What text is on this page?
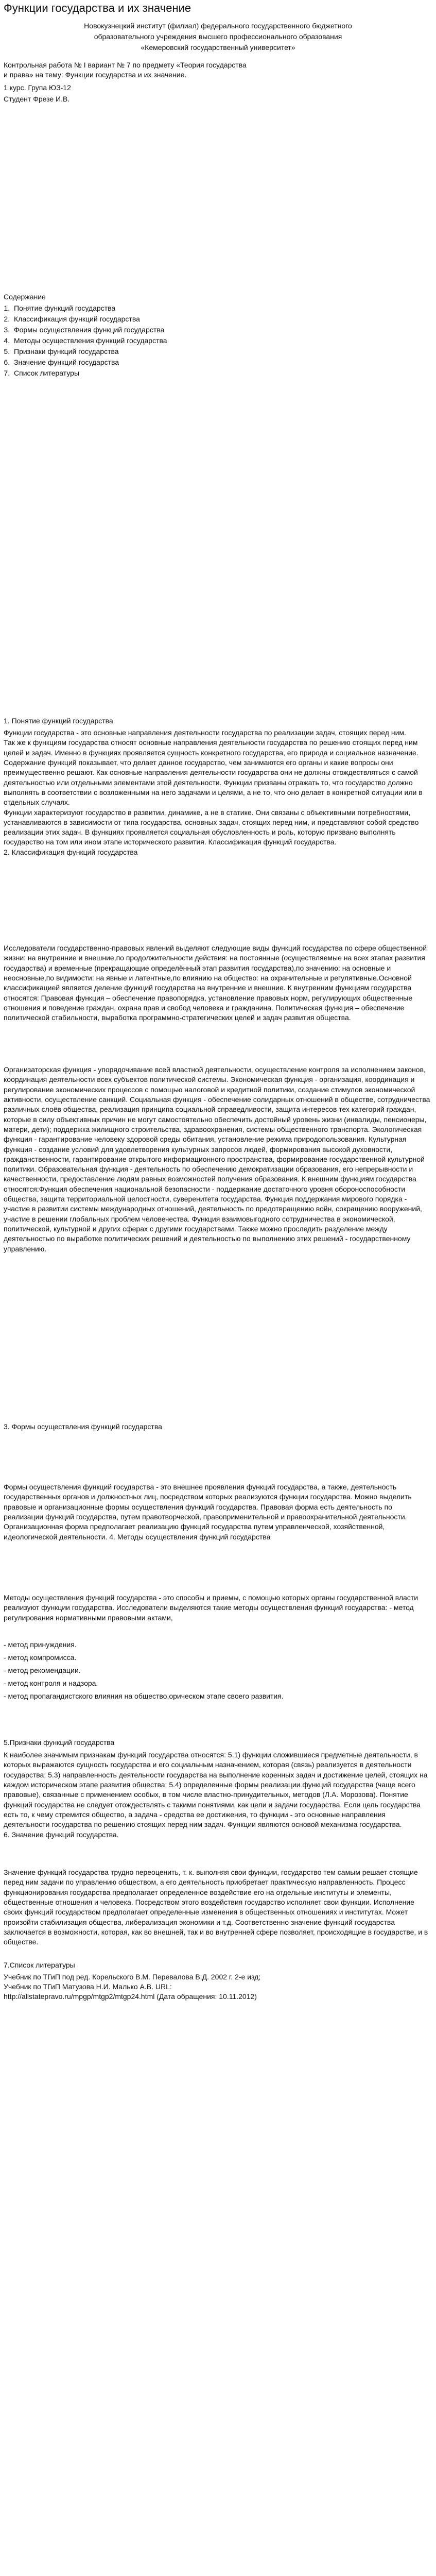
Функции государства и их значение

Новокузнецкий институт (филиал) федерального государственного бюджетного

образовательного учреждения высшего профессионального образования

«Кемеровский государственный университет»

Контрольная работа № I вариант № 7 по предмету «Теория государства

и права» на тему: Функции государства и их значение.

1 курс. Група ЮЗ-12

Студент Фрезе И.В.

Содержание

1. Понятие функций государства
2. Классификация функций государства
3. Формы осуществления функций государства
4. Методы осуществления функций государства
5. Признаки функций государства
6. Значение функций государства
7. Список литературы

1. Понятие функций государства

Функции государства - это основные направления деятельности государства по реализации задач, стоящих перед ним.

Так же к функциям государства относят основные направления деятельности государства по решению стоящих перед ним целей и задач. Именно в функциях проявляется сущность конкретного государства, его природа и социальное назначение. Содержание функций показывает, что делает данное государство, чем занимаются его органы и какие вопросы они преимущественно решают. Как основные направления деятельности государства они не должны отождествляться с самой деятельностью или отдельными элементами этой деятельности. Функции призваны отражать то, что государство должно выполнять в соответствии с возложенными на него задачами и целями, а не то, что оно делает в конкретной ситуации или в отдельных случаях.

Функции характеризуют государство в развитии, динамике, а не в статике. Они связаны с объективными потребностями, устанавливаются в зависимости от типа государства, основных задач, стоящих перед ним, и представляют собой средство реализации этих задач. В функциях проявляется социальная обусловленность и роль, которую призвано выполнять государство на том или ином этапе исторического развития. Классификация функций государства.

2. Классификация функций государства

Исследователи государственно-правовых явлений выделяют следующие виды функций государства по сфере общественной жизни: на внутренние и внешние,по продолжительности действия: на постоянные (осуществляемые на всех этапах развития государства) и временные (прекращающие определённый этап развития государства),по значению: на основные и неосновные,по видимости: на явные и латентные,по влиянию на общество: на охранительные и регулятивные.Основной классификацией является деление функций государства на внутренние и внешние. К внутренним функциям государства относятся: Правовая функция – обеспечение правопорядка, установление правовых норм, регулирующих общественные отношения и поведение граждан, охрана прав и свобод человека и гражданина. Политическая функция – обеспечение политической стабильности, выработка программно-стратегических целей и задач развития общества.

Организаторская функция - упорядочивание всей властной деятельности, осуществление контроля за исполнением законов, координация деятельности всех субъектов политической системы. Экономическая функция - организация, координация и регулирование экономических процессов с помощью налоговой и кредитной политики, создание стимулов экономической активности, осуществление санкций. Социальная функция - обеспечение солидарных отношений в обществе, сотрудничества различных слоёв общества, реализация принципа социальной справедливости, защита интересов тех категорий граждан, которые в силу объективных причин не могут самостоятельно обеспечить достойный уровень жизни (инвалиды, пенсионеры, матери, дети); поддержка жилищного строительства, здравоохранения, системы общественного транспорта. Экологическая функция - гарантирование человеку здоровой среды обитания, установление режима природопользования. Культурная функция - создание условий для удовлетворения культурных запросов людей, формирования высокой духовности, гражданственности, гарантирование открытого информационного пространства, формирование государственной культурной политики. Образовательная функция - деятельность по обеспечению демократизации образования, его непрерывности и качественности, предоставление людям равных возможностей получения образования. К внешним функциям государства относятся:Функция обеспечения национальной безопасности - поддержание достаточного уровня обороноспособности общества, защита территориальной целостности, суверенитета государства. Функция поддержания мирового порядка - участие в развитии системы международных отношений, деятельность по предотвращению войн, сокращению вооружений, участие в решении глобальных проблем человечества. Функция взаимовыгодного сотрудничества в экономической, политической, культурной и других сферах с другими государствами. Также можно проследить разделение между деятельностью по выработке политических решений и деятельностью по выполнению этих решений - государственному управлению.

3. Формы осуществления функций государства

Формы осуществления функций государства - это внешнее проявления функций государства, а также, деятельность государственных органов и должностных лиц, посредством которых реализуются функции государства. Можно выделить правовые и организационные формы осуществления функций государства. Правовая форма есть деятельность по реализации функций государства, путем правотворческой, правоприменительной и правоохранительной деятельности. Организационная форма предполагает реализацию функций государства путем управленческой, хозяйственной, идеологической деятельности. 4. Методы осуществления функций государства

Методы осуществления функций государства - это способы и приемы, с помощью которых органы государственной власти реализуют функции государства. Исследователи выделяются такие методы осуществления функций государства: - метод регулирования нормативными правовыми актами,

- метод принуждения.

- метод компромисса.

- метод рекомендации.

- метод контроля и надзора.

- метод пропагандистского влияния на общество,орическом этапе своего развития.

5.Признаки функций государства

К наиболее значимым признакам функций государства относятся: 5.1) функции сложившиеся предметные деятельности, в которых выражаются сущность государства и его социальным назначением, которая (связь) реализуется в деятельности государства; 5.3) направленность деятельности государства на выполнение коренных задач и достижение целей, стоящих на каждом историческом этапе развития общества; 5.4) определенные формы реализации функций государства (чаще всего правовые), связанные с применением особых, в том числе властно-принудительных, методов (Л.А. Морозова). Понятие функций государства не следует отождествлять с такими понятиями, как цели и задачи государства. Если цель государства есть то, к чему стремится общество, а задача - средства ее достижения, то функции - это основные направления деятельности государства по решению стоящих перед ним задач. Функции являются основой механизма государства.

6. Значение функций государства.

Значение функций государства трудно переоценить, т. к. выполняя свои функции, государство тем самым решает стоящие перед ним задачи по управлению обществом, а его деятельность приобретает практическую направленность. Процесс функционирования государства предполагает определенное воздействие его на отдельные институты и элементы, общественные отношения и человека. Посредством этого воздействия государство исполняет свои функции. Исполнение своих функций государством предполагает определенные изменения в общественных отношениях и институтах. Может произойти стабилизация общества, либерализация экономики и т.д. Соответственно значение функций государства заключается в возможности, которая, как во внешней, так и во внутренней сфере позволяет, происходящие в государстве, и в обществе.

7.Список литературы

Учебник по ТГиП под ред. Корельского В.М. Перевалова В.Д. 2002 г. 2-е изд;

Учебник по ТГиП Матузова Н.И. Малько А.В. URL:

http://allstateprаvo.ru/mpgp/mtgp2/mtgp24.html (Дата обращения: 10.11.2012)
